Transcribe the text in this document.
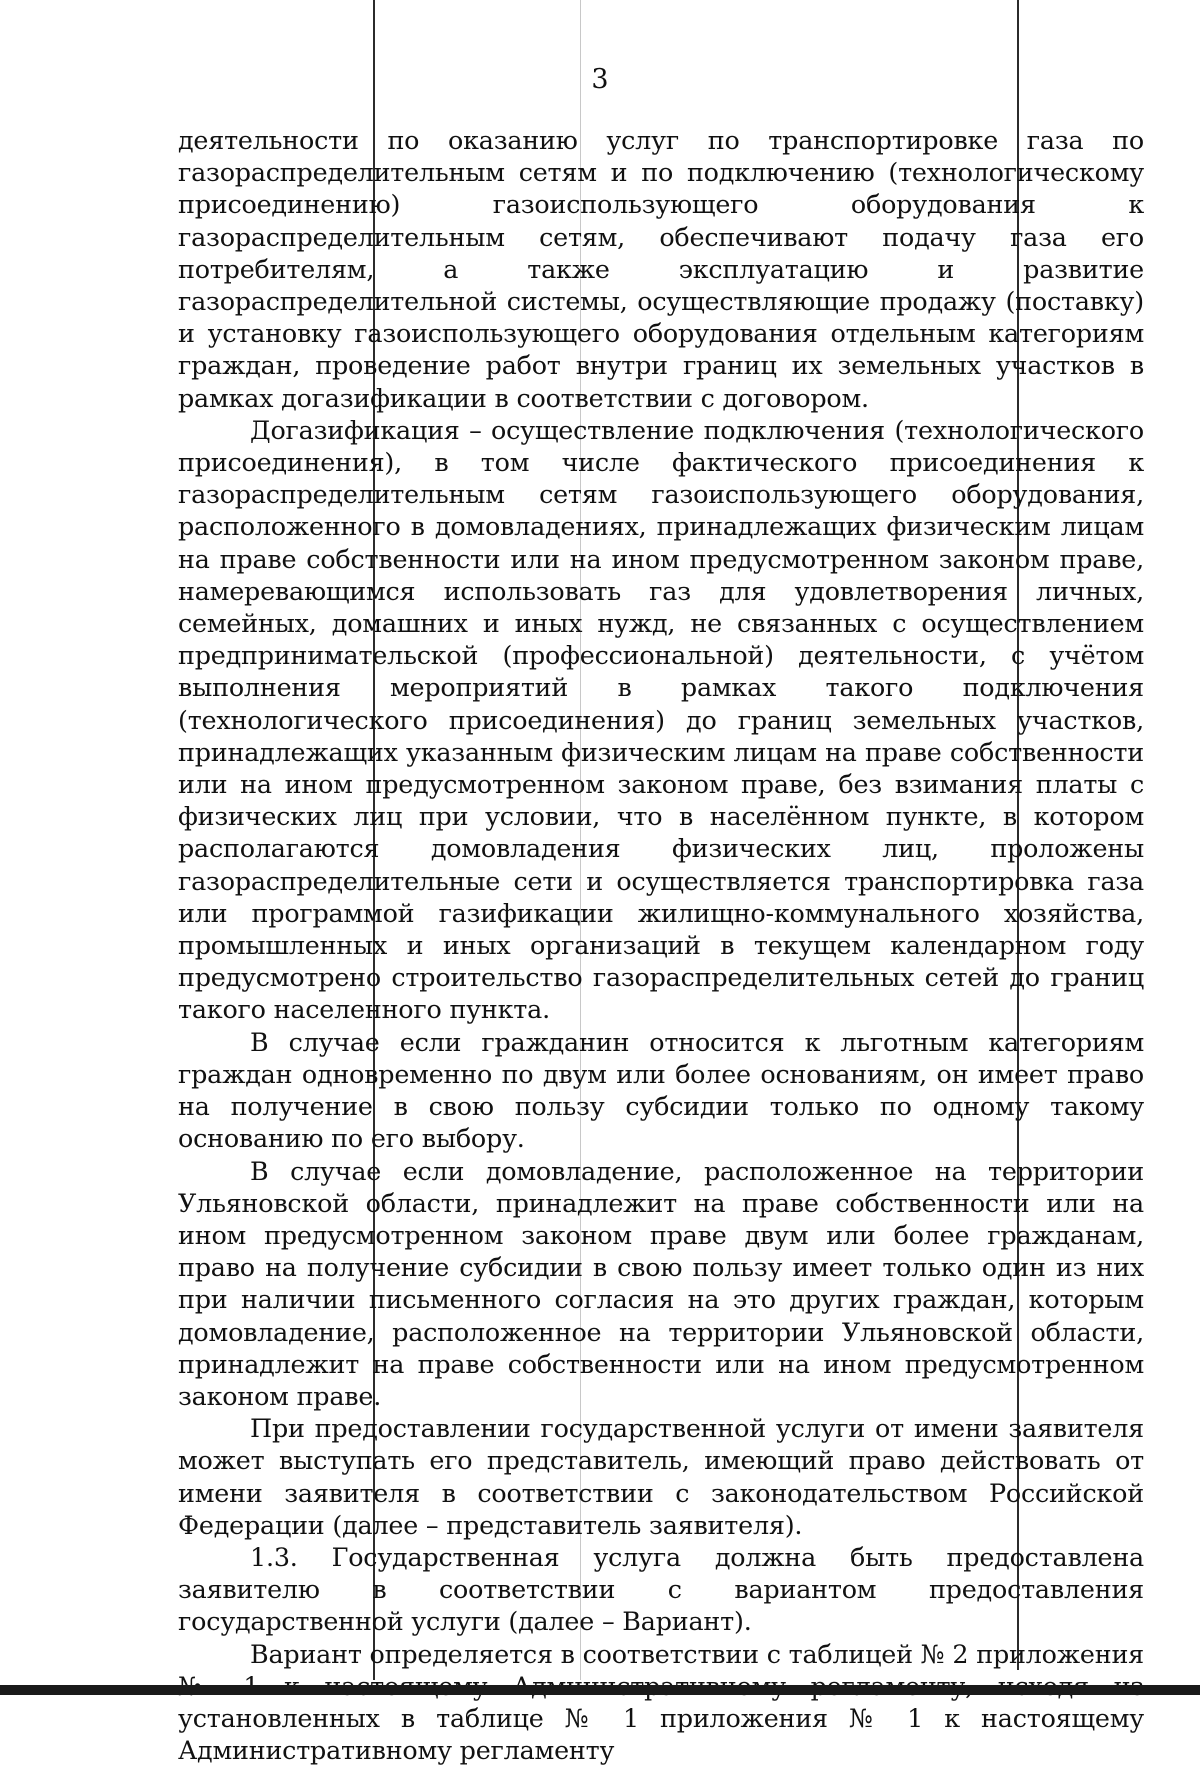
3

деятельности по оказанию услуг по транспортировке газа по газораспределительным сетям и по подключению (технологическому присоединению) газоиспользующего оборудования к газораспределительным сетям, обеспечивают подачу газа его потребителям, а также эксплуатацию и развитие газораспределительной системы, осуществляющие продажу (поставку) и установку газоиспользующего оборудования отдельным категориям граждан, проведение работ внутри границ их земельных участков в рамках догазификации в соответствии с договором.

Догазификация – осуществление подключения (технологического присоединения), в том числе фактического присоединения к газораспределительным сетям газоиспользующего оборудования, расположенного в домовладениях, принадлежащих физическим лицам на праве собственности или на ином предусмотренном законом праве, намеревающимся использовать газ для удовлетворения личных, семейных, домашних и иных нужд, не связанных с осуществлением предпринимательской (профессиональной) деятельности, с учётом выполнения мероприятий в рамках такого подключения (технологического присоединения) до границ земельных участков, принадлежащих указанным физическим лицам на праве собственности или на ином предусмотренном законом праве, без взимания платы с физических лиц при условии, что в населённом пункте, в котором располагаются домовладения физических лиц, проложены газораспределительные сети и осуществляется транспортировка газа или программой газификации жилищно-коммунального хозяйства, промышленных и иных организаций в текущем календарном году предусмотрено строительство газораспределительных сетей до границ такого населенного пункта.

В случае если гражданин относится к льготным категориям граждан одновременно по двум или более основаниям, он имеет право на получение в свою пользу субсидии только по одному такому основанию по его выбору.

В случае если домовладение, расположенное на территории Ульяновской области, принадлежит на праве собственности или на ином предусмотренном законом праве двум или более гражданам, право на получение субсидии в свою пользу имеет только один из них при наличии письменного согласия на это других граждан, которым домовладение, расположенное на территории Ульяновской области, принадлежит на праве собственности или на ином предусмотренном законом праве.

При предоставлении государственной услуги от имени заявителя может выступать его представитель, имеющий право действовать от имени заявителя в соответствии с законодательством Российской Федерации (далее – представитель заявителя).

1.3. Государственная услуга должна быть предоставлена заявителю в соответствии с вариантом предоставления государственной услуги (далее – Вариант).

Вариант определяется в соответствии с таблицей № 2 приложения установленных в таблице № 1 приложения № 1 к настоящему Административному регламенту
